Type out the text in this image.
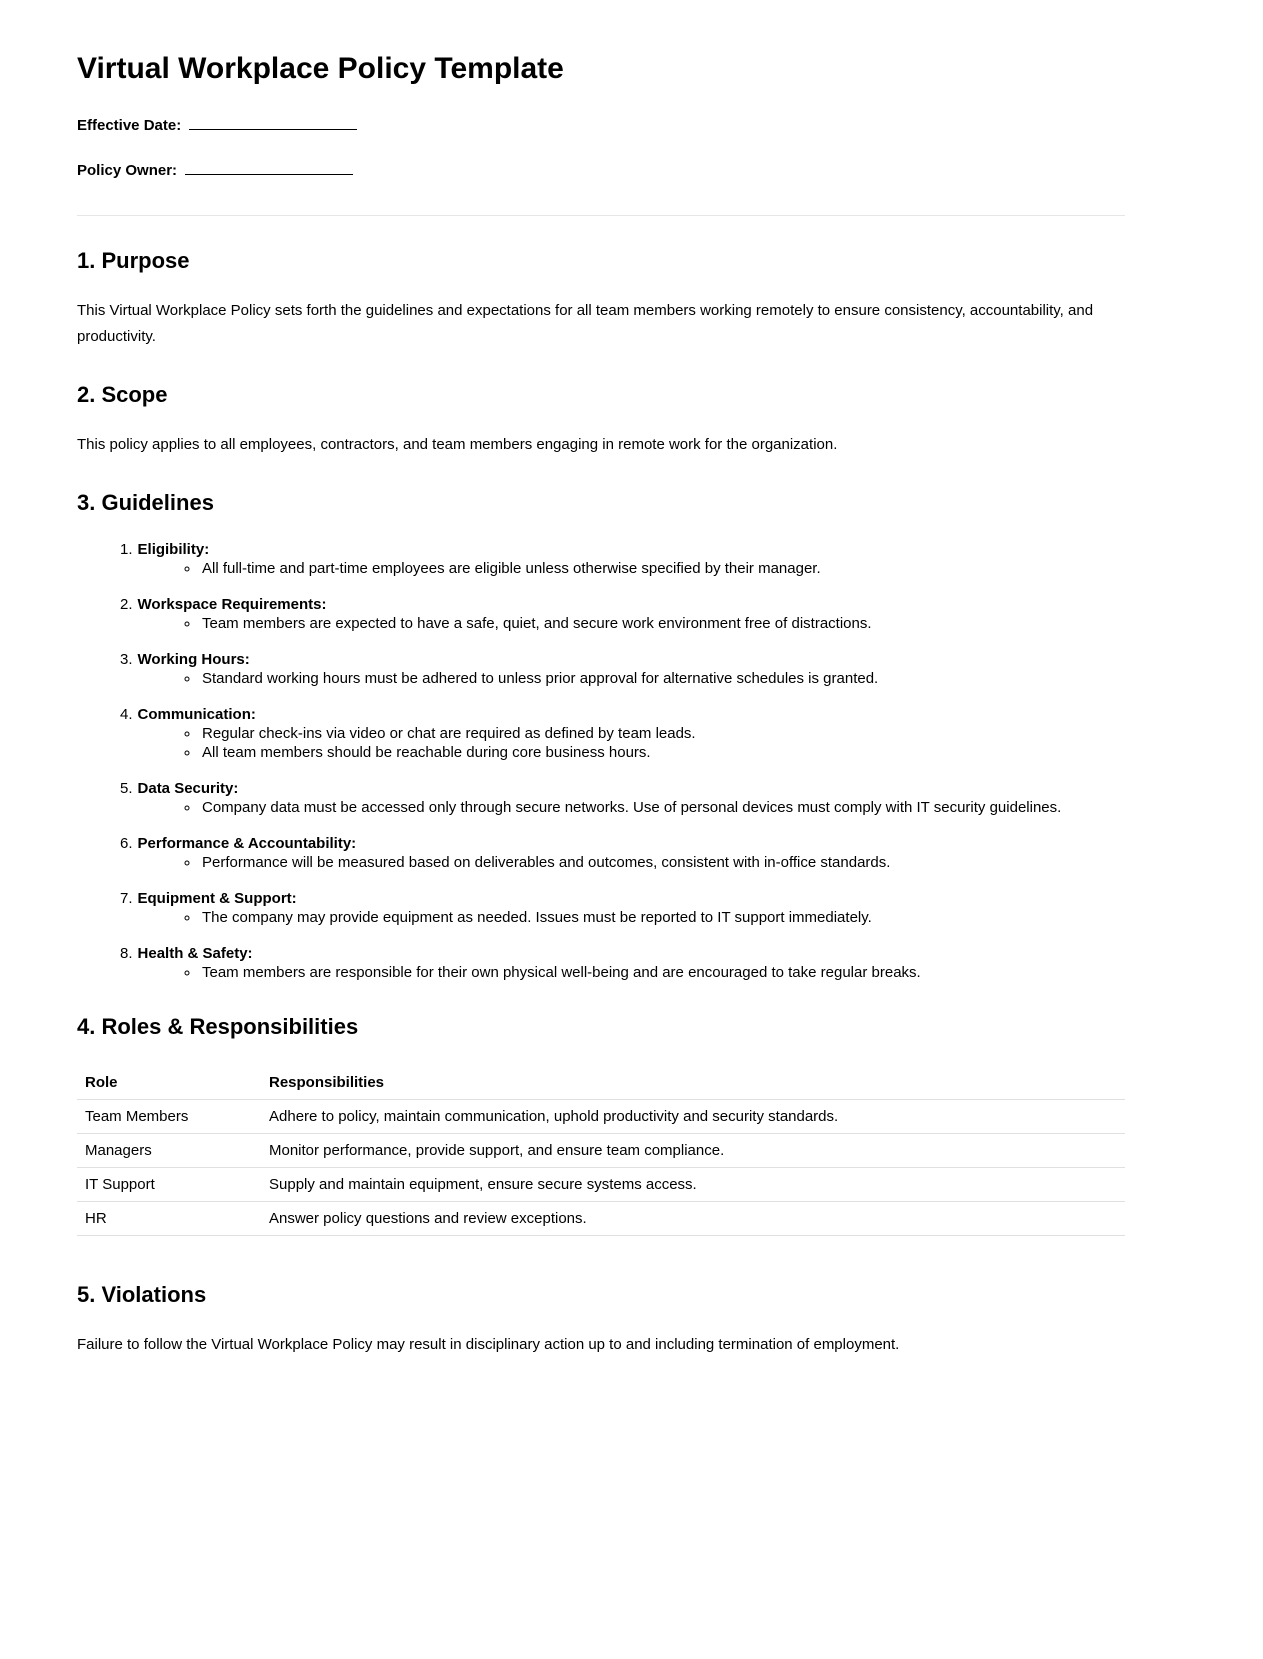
Virtual Workplace Policy Template
Effective Date:
Policy Owner:
1. Purpose

This Virtual Workplace Policy sets forth the guidelines and expectations for all team members working remotely to ensure consistency, accountability, and productivity.

2. Scope

This policy applies to all employees, contractors, and team members engaging in remote work for the organization.

3. Guidelines
1. Eligibility:
◦ All full-time and part-time employees are eligible unless otherwise specified by their manager.
2. Workspace Requirements:
◦ Team members are expected to have a safe, quiet, and secure work environment free of distractions.
3. Working Hours:
◦ Standard working hours must be adhered to unless prior approval for alternative schedules is granted.
4. Communication:
◦ Regular check-ins via video or chat are required as defined by team leads.
◦ All team members should be reachable during core business hours.
5. Data Security:
◦ Company data must be accessed only through secure networks. Use of personal devices must comply with IT security guidelines.
6. Performance & Accountability:
◦ Performance will be measured based on deliverables and outcomes, consistent with in-office standards.
7. Equipment & Support:
◦ The company may provide equipment as needed. Issues must be reported to IT support immediately.
8. Health & Safety:
◦ Team members are responsible for their own physical well-being and are encouraged to take regular breaks.
4. Roles & Responsibilities
Role	Responsibilities
Team Members	Adhere to policy, maintain communication, uphold productivity and security standards.
Managers	Monitor performance, provide support, and ensure team compliance.
IT Support	Supply and maintain equipment, ensure secure systems access.
HR	Answer policy questions and review exceptions.
5. Violations

Failure to follow the Virtual Workplace Policy may result in disciplinary action up to and including termination of employment.
